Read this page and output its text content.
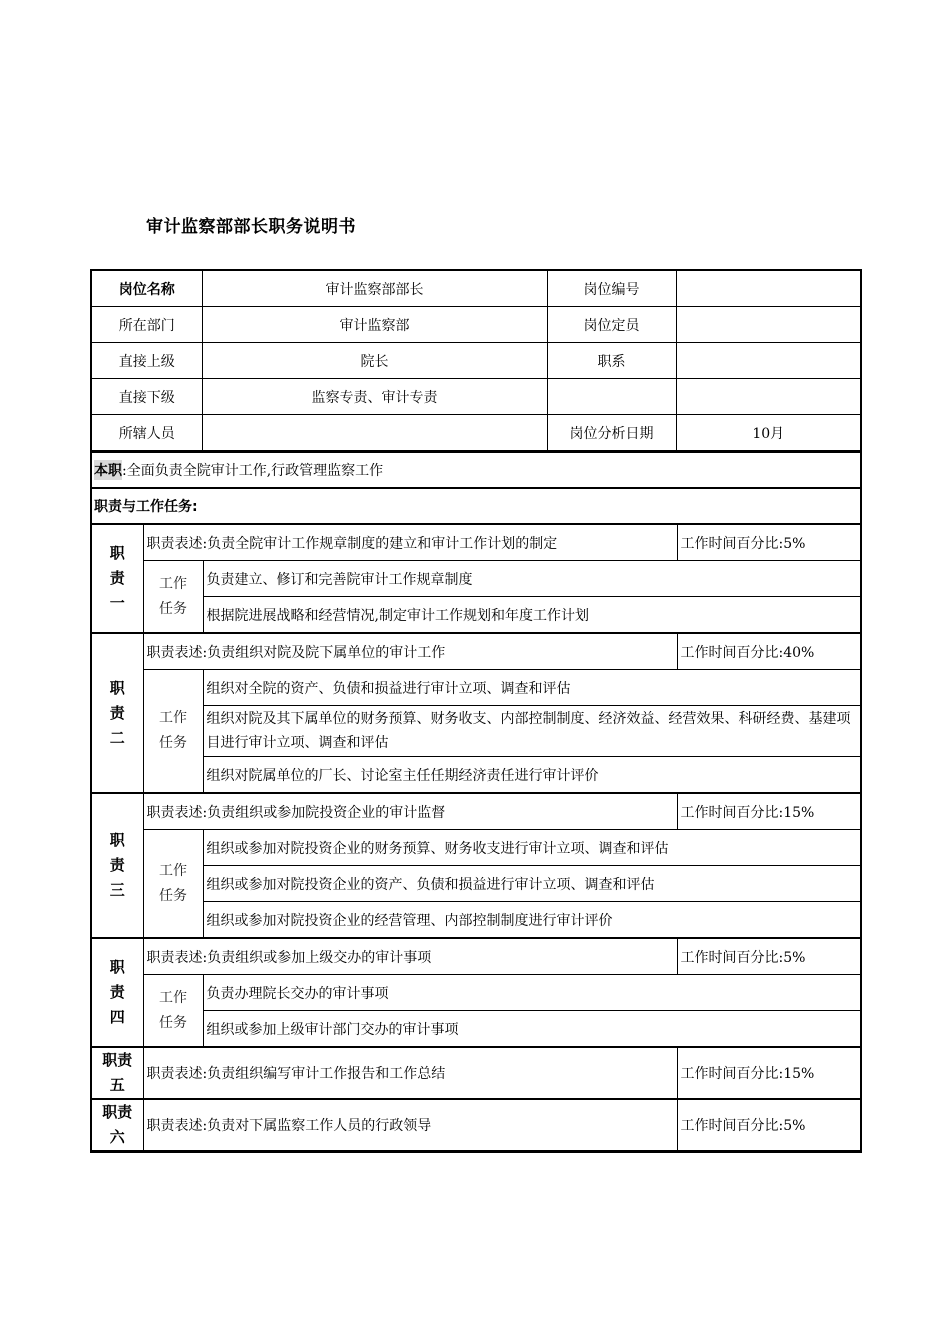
审计监察部部长职务说明书
岗位名称	审计监察部部长	岗位编号	
所在部门	审计监察部	岗位定员	
直接上级	院长	职系	
直接下级	监察专责、审计专责		
所辖人员		岗位分析日期	10月
本职 :全面负责全院审计工作,行政管理监察工作
职责与工作任务:
职责一	职责表述:负责全院审计工作规章制度的建立和审计工作计划的制定		工作时间百分比:5%

	工作任务	负责建立、修订和完善院审计工作规章制度	
		根据院进展战略和经营情况,制定审计工作规划和年度工作计划	

职责二	职责表述:负责组织对院及院下属单位的审计工作		工作时间百分比:40%

	工作任务	组织对全院的资产、负债和损益进行审计立项、调查和评估	
		组织对院及其下属单位的财务预算、财务收支、内部控制制度、经济效益、经营效果、科研经费、基建项目进行审计立项、调查和评估	
		组织对院属单位的厂长、讨论室主任任期经济责任进行审计评价	

职责三	职责表述:负责组织或参加院投资企业的审计监督		工作时间百分比:15%

	工作任务	组织或参加对院投资企业的财务预算、财务收支进行审计立项、调查和评估	
		组织或参加对院投资企业的资产、负债和损益进行审计立项、调查和评估	
		组织或参加对院投资企业的经营管理、内部控制制度进行审计评价	

职责四	职责表述:负责组织或参加上级交办的审计事项		工作时间百分比:5%

	工作任务	负责办理院长交办的审计事项	
		组织或参加上级审计部门交办的审计事项	

职责五	职责表述:负责组织编写审计工作报告和工作总结		工作时间百分比:15%

职责六	职责表述:负责对下属监察工作人员的行政领导		工作时间百分比:5%
